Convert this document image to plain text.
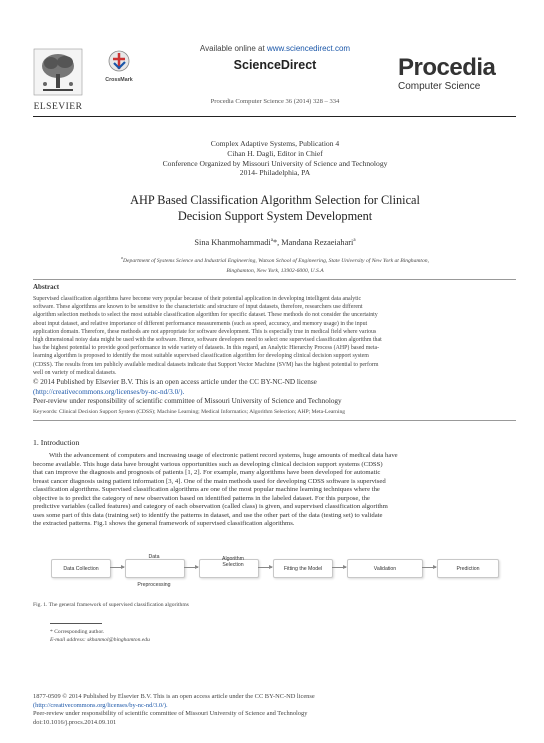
Available online at www.sciencedirect.com
ScienceDirect
ELSEVIER
CrossMark	Procedia
Computer Science
Procedia Computer Science 36 (2014) 328 – 334
Complex Adaptive Systems, Publication 4
Cihan H. Dagli, Editor in Chief
Conference Organized by Missouri University of Science and Technology
2014- Philadelphia, PA
AHP Based Classification Algorithm Selection for Clinical
Decision Support System Development
Sina Khanmohammadi$^a$*, Mandana Rezaeiahari$^a$
$^a$Department of Systems Science and Industrial Engineering, Watson School of Engineering, State University of New York at Binghamton,
Binghamton, New York, 13902-6000, U.S.A
Abstract
Supervised classification algorithms have become very popular because of their potential application in developing intelligent data analytic
software. These algorithms are known to be sensitive to the characteristic and structure of input datasets, therefore, researchers use different
algorithm selection methods to select the most suitable classification algorithm for specific dataset. These methods do not consider the uncertainty
about input dataset, and relative importance of different performance measurements (such as speed, accuracy, and memory usage) in the input
application domain. Therefore, these methods are not appropriate for software development. This is especially true in medical field where various
high dimensional noisy data might be used with the software. Hence, software developers need to select one supervised classification algorithm that
has the highest potential to provide good performance in wide variety of datasets. In this regard, an Analytic Hierarchy Process (AHP) based meta-
learning algorithm is proposed to identify the most suitable supervised classification algorithm for developing clinical decision support system
(CDSS). The results from ten publicly available medical datasets indicate that Support Vector Machine (SVM) has the highest potential to perform
well on variety of medical datasets.
© 2014 Published by Elsevier B.V. This is an open access article under the CC BY-NC-ND license
(http://creativecommons.org/licenses/by-nc-nd/3.0/).
Peer-review under responsibility of scientific committee of Missouri University of Science and Technology
Keywords: Clinical Decision Support System (CDSS); Machine Learning; Medical Informatics; Algorithm Selection; AHP; Meta-Learning
1. Introduction
With the advancement of computers and increasing usage of electronic patient record systems, huge amounts of medical data have
become available. This huge data have brought various opportunities such as developing clinical decision support systems (CDSS)
that can improve the diagnosis and prognosis of patients [1, 2]. For example, many algorithms have been developed for automatic
breast cancer diagnosis using patient information [3, 4]. One of the main methods used for developing CDSS software is supervised
classification algorithms. Supervised classification algorithms are one of the most popular machine learning techniques where the
objective is to predict the category of new observation based on identified patterns in the labeled dataset. For this purpose, the
predictive variables (called features) and category of each observation (called class) is given, and supervised classification algorithm
uses some part of this data (training set) to identify the patterns in dataset, and use the other part of the data (testing set) to validate
the extracted patterns. Fig.1 shows the general framework of supervised classification algorithms.
Data Collection
Data
Preprocessing
Algorithm Selection
Fitting the Model	Validation	Prediction
Fig. 1. The general framework of supervised classification algorithms
* Corresponding author.
E-mail address: skhanmol@binghamton.edu
1877-0509 © 2014 Published by Elsevier B.V. This is an open access article under the CC BY-NC-ND license
(http://creativecommons.org/licenses/by-nc-nd/3.0/).
Peer-review under responsibility of scientific committee of Missouri University of Science and Technology
doi:10.1016/j.procs.2014.09.101
